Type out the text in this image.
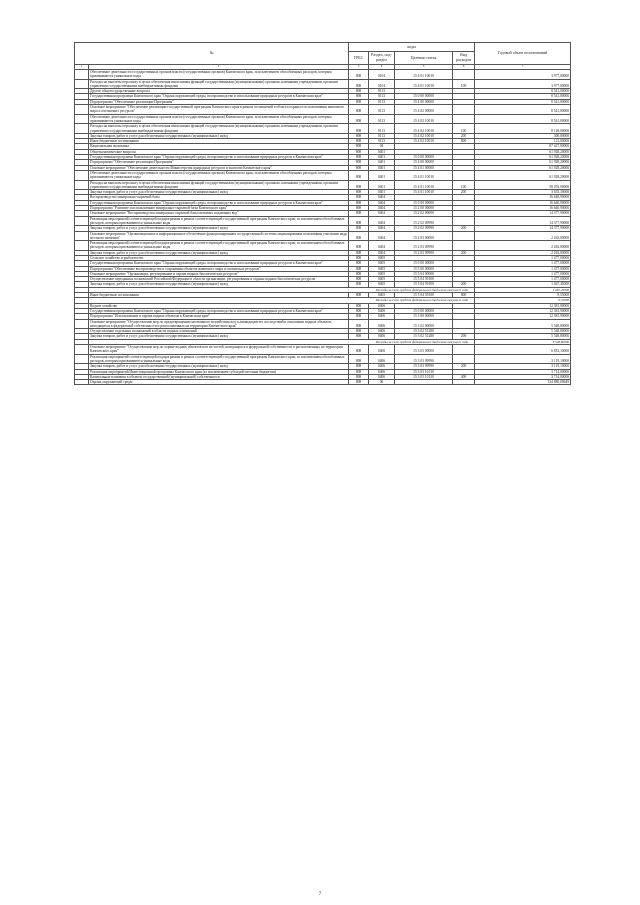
№		коды				Годовой объем ассигнований
		ГРБС	Раздел, под-раздел	Целевая статья	Вид расходов	
1	2	3	4	5	6	7
	Обеспечение деятельности государственных органов власти (государственных органов) Камчатского края, за исключением обособленных расходов, которым присваиваются уникальные коды	808	0104	15 4 01 10010		3 977,00000
	Расходы на выплаты персоналу в целях обеспечения выполнения функций государственными (муниципальными) органами, казенными учреждениями, органами управления государственными внебюджетными фондами	808	0104	15 4 01 10010	100	3 977,00000
	Другие общегосударственные вопросы	808	0113			8 541,00000
	Государственная программа Камчатского края "Охрана окружающей среды, воспроизводство и использование природных ресурсов в Камчатском крае"	808	0113	15 0 00 00000		8 541,00000
	Подпрограмма "Обеспечение реализации Программы"	808	0113	15 4 00 00000		8 541,00000
	Основное мероприятие "Обеспечение реализации государственной программы Камчатского края в рамках полномочий в области охраны и использования животного мира и охотничьих ресурсов"	808	0113	15 4 02 00000		8 541,00000
	Обеспечение деятельности государственных органов власти (государственных органов) Камчатского края, за исключением обособленных расходов, которым присваиваются уникальные коды	808	0113	15 4 02 10010		8 541,00000
	Расходы на выплаты персоналу в целях обеспечения выполнения функций государственными (муниципальными) органами, казенными учреждениями, органами управления государственными внебюджетными фондами	808	0113	15 4 02 10010	100	8 128,00000
	Закупка товаров, работ и услуг для обеспечения государственных (муниципальных) нужд	808	0113	15 4 02 10010	200	300,00000
	Иные бюджетные ассигнования	808	0113	15 4 02 10010	800	113,00000
	Национальная экономика	808	04			97 427,90000
	Общеэкономические вопросы	808	0401			61 928,20000
	Государственная программа Камчатского края "Охрана окружающей среды, воспроизводство и использование природных ресурсов в Камчатском крае"	808	0401	15 0 00 00000		61 928,20000
	Подпрограмма "Обеспечение реализации Программы"	808	0401	15 4 00 00000		61 928,20000
	Основное мероприятие "Обеспечение деятельности Министерства природных ресурсов и экологии Камчатского края"	808	0401	15 4 01 00000		61 928,20000
	Обеспечение деятельности государственных органов власти (государственных органов) Камчатского края, за исключением обособленных расходов, которым присваиваются уникальные коды	808	0401	15 4 01 10010		61 928,20000
	Расходы на выплаты персоналу в целях обеспечения выполнения функций государственными (муниципальными) органами, казенными учреждениями, органами управления государственными внебюджетными фондами	808	0401	15 4 01 10010	100	58 292,90000
	Закупка товаров, работ и услуг для обеспечения государственных (муниципальных) нужд	808	0401	15 4 01 10010	200	3 635,30000
	Воспроизводство минерально-сырьевой базы	808	0404			16 640,90000
	Государственная программа Камчатского края "Охрана окружающей среды, воспроизводство и использование природных ресурсов в Камчатском крае"	808	0404	15 0 00 00000		16 640,90000
	Подпрограмма "Развитие и использование минерально-сырьевой базы Камчатского края"	808	0404	15 2 00 00000		16 640,90000
	Основное мероприятие "Воспроизводство минерально-сырьевой базы питьевых подземных вод"	808	0404	15 2 02 00000		14 377,90000
	Реализация мероприятий соответствующей подпрограммы в рамках соответствующей государственной программы Камчатского края, за исключением обособленных расходов, которым присваиваются уникальные коды	808	0404	15 2 02 09990		14 377,90000
	Закупка товаров, работ и услуг для обеспечения государственных (муниципальных) нужд	808	0404	15 2 02 09990	200	14 377,90000
	Основное мероприятие "Организационное и информационное обеспечение функционирования государственной системы лицензирования пользования участками недр местного значения"	808	0404	15 2 03 00000		2 263,00000
	Реализация мероприятий соответствующей подпрограммы в рамках соответствующей государственной программы Камчатского края, за исключением обособленных расходов, которым присваиваются уникальные коды	808	0404	15 2 03 09990		2 263,00000
	Закупка товаров, работ и услуг для обеспечения государственных (муниципальных) нужд	808	0404	15 2 03 09990	200	2 263,00000
	Сельское хозяйство и рыболовство	808	0405			1 477,00000
	Государственная программа Камчатского края "Охрана окружающей среды, воспроизводство и использование природных ресурсов в Камчатском крае"	808	0405	15 0 00 00000		1 477,00000
	Подпрограмма "Обеспечение воспроизводства и сохранения объектов животного мира и охотничьих ресурсов"	808	0405	15 5 00 00000		1 477,00000
	Основное мероприятие "Организация, регулирование и охрана водных биологических ресурсов"	808	0405	15 5 04 00000		1 477,00000
	Осуществление переданных полномочий Российской Федерации в области организации, регулирования и охраны водных биологических ресурсов	808	0405	15 5 04 59100		1 477,00000
	Закупка товаров, работ и услуг для обеспечения государственных (муниципальных) нужд	808	0405	15 5 04 59100	200	1 467,45000
	Расходы за счет средств федерального бюджета текущего года					1 467,45000
	Иные бюджетные ассигнования	808	0405	15 5 04 59100	800	9,55000
	Расходы за счет средств федерального бюджета текущего года					9,55000
	Водное хозяйство	808	0406			12 381,90000
	Государственная программа Камчатского края "Охрана окружающей среды, воспроизводство и использование природных ресурсов в Камчатском крае"	808	0406	15 0 00 00000		12 381,90000
	Подпрограмма "Использование и охрана водных объектов в Камчатском крае"	808	0406	15 3 00 00000		12 381,90000
	Основное мероприятие "Осуществление мер по предотвращению негативного воздействия вод и ликвидации его последствий в отношении водных объектов, находящихся в федеральной собственности и расположенных на территории Камчатского края"	808	0406	15 3 02 00000		5 548,80000
	Осуществление отдельных полномочий в области водных отношений	808	0406	15 3 02 51280		5 548,80000
	Закупка товаров, работ и услуг для обеспечения государственных (муниципальных) нужд	808	0406	15 3 02 51280	200	5 548,80000
	Расходы за счет средств федерального бюджета текущего года					5 548,80000
	Основное мероприятие "Осуществление мер по охране водных объектов или их частей, находящихся в федеральной собственности и расположенных на территории Камчатского края"	808	0406	15 3 03 00000		6 833,10000
	Реализация мероприятий соответствующей подпрограммы в рамках соответствующей государственной программы Камчатского края, за исключением обособленных расходов, которым присваиваются уникальные коды	808	0406	15 3 03 09990		3 119,10000
	Закупка товаров, работ и услуг для обеспечения государственных (муниципальных) нужд	808	0406	15 3 03 09990	200	3 119,10000
	Реализация мероприятий Инвестиционной программы Камчатского края (за исключением субсидий местным бюджетам)	808	0406	15 3 03 10130		3 714,00000
	Капитальные вложения в объекты государственной (муниципальной) собственности	808	0406	15 3 03 10130	400	3 714,00000
	Охрана окружающей среды	808	06			134 880,00649
7
